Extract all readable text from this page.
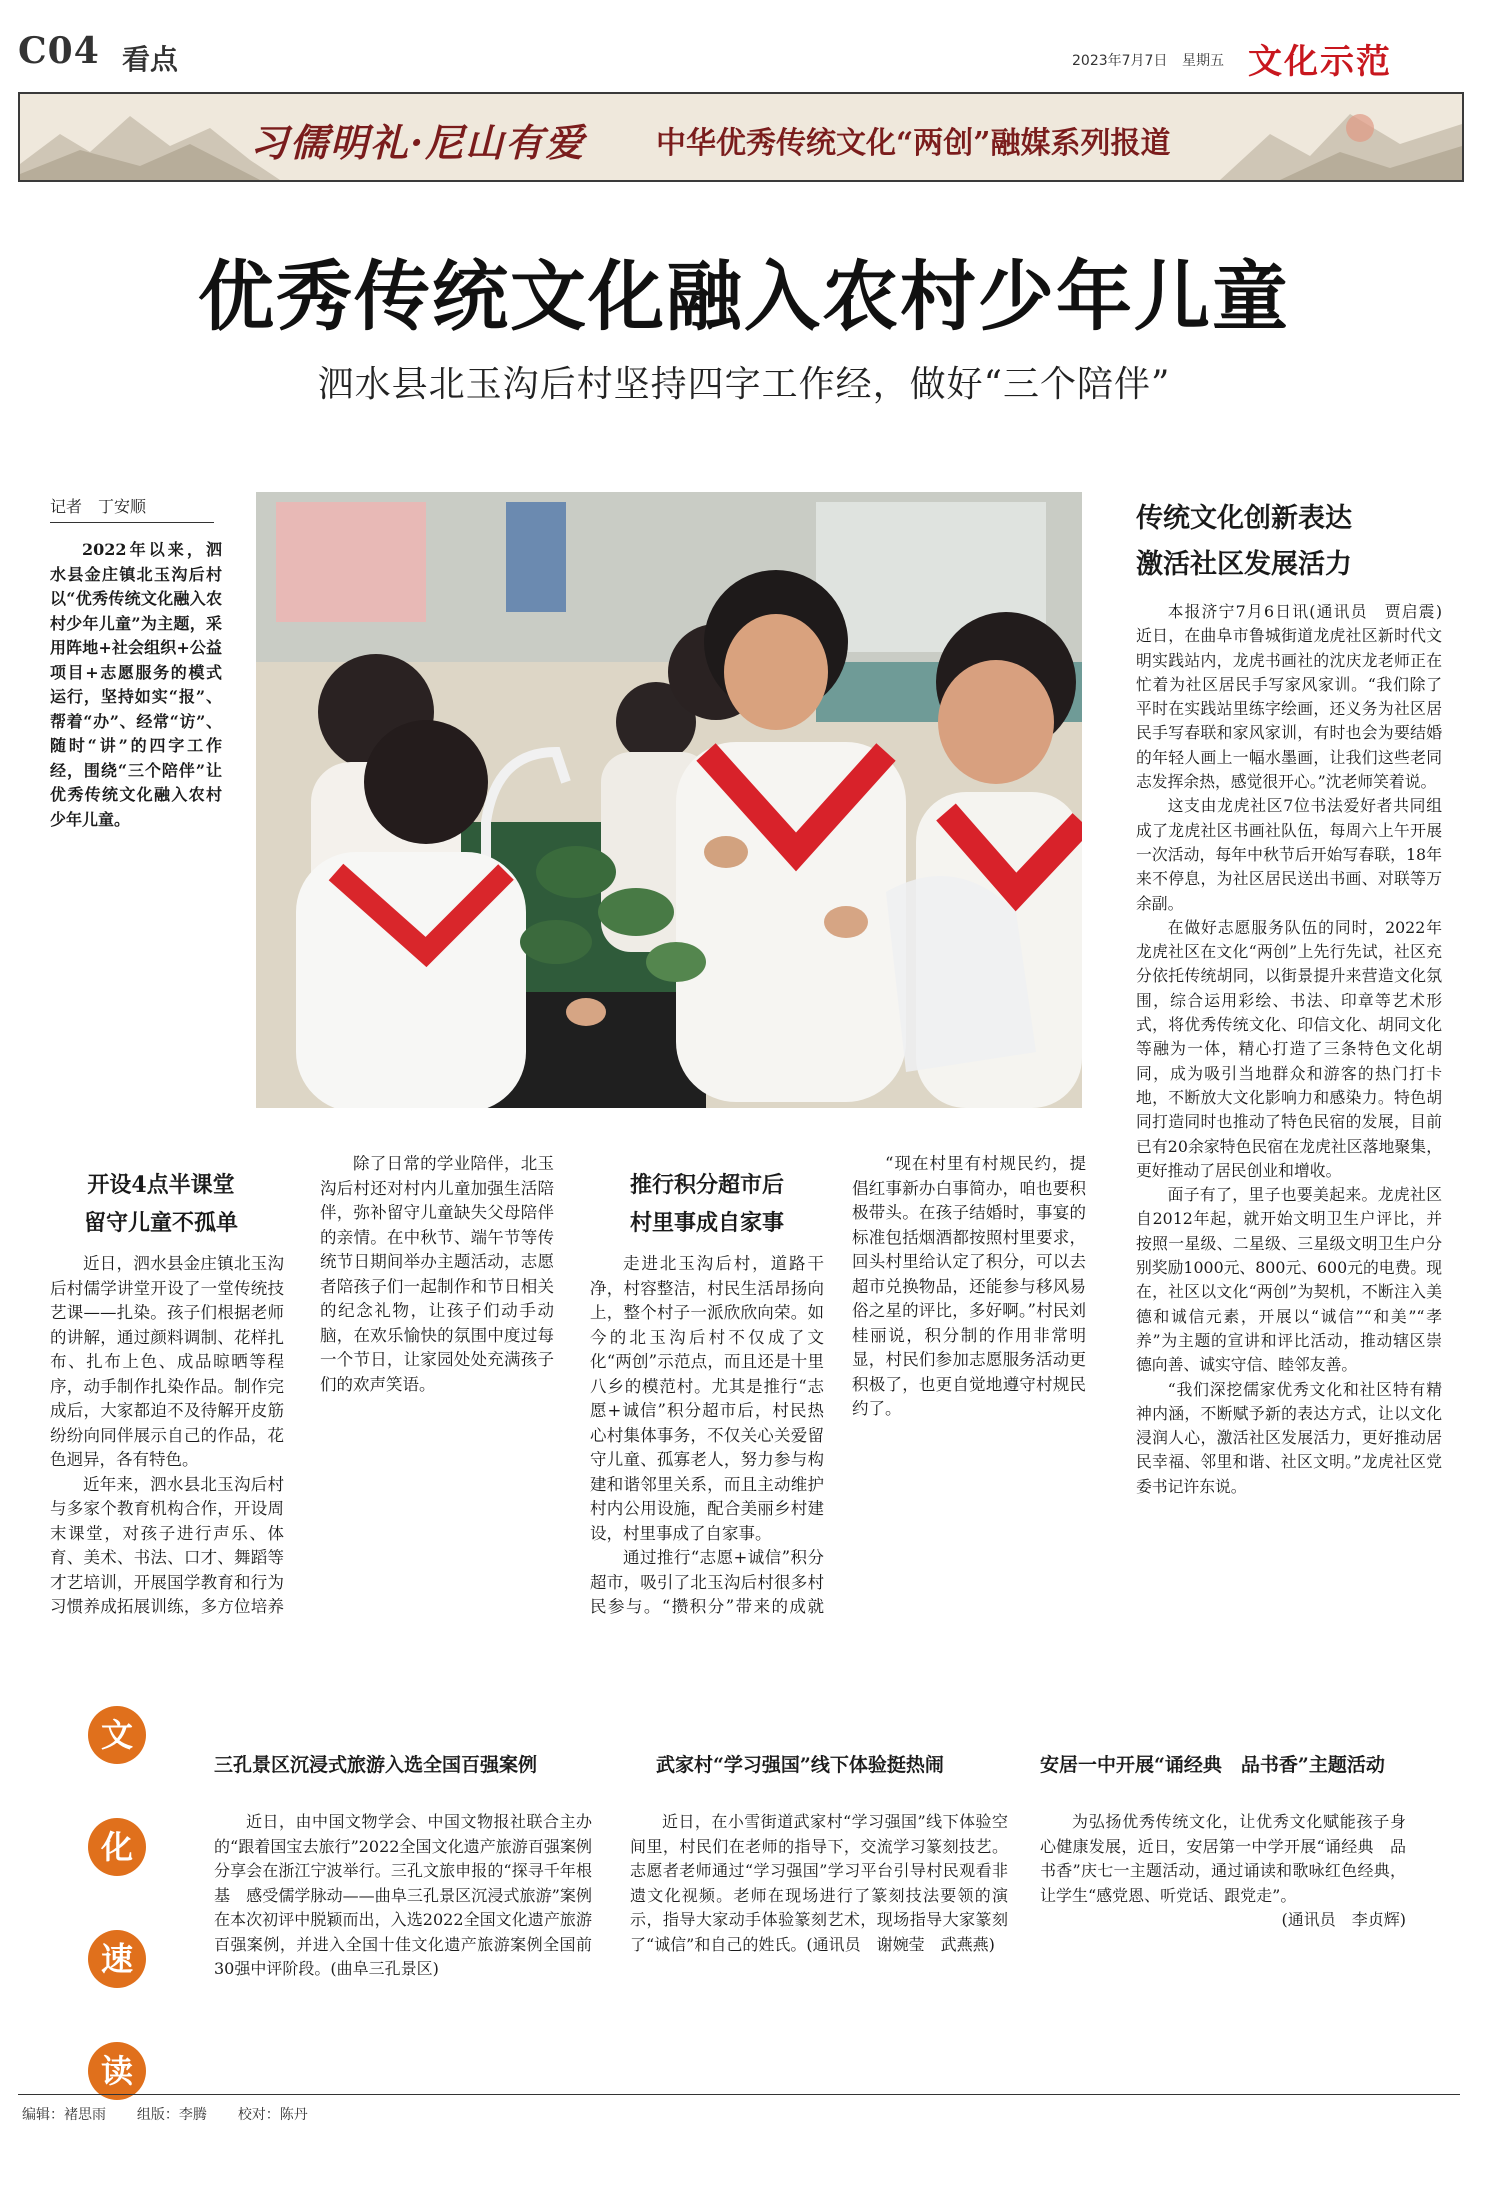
C04 看点	2023年7月7日 星期五 文化示范
习儒明礼·尼山有爱 中华优秀传统文化“两创”融媒系列报道
优秀传统文化融入农村少年儿童
泗水县北玉沟后村坚持四字工作经，做好“三个陪伴”
记者　丁安顺

2022年以来，泗水县金庄镇北玉沟后村以“优秀传统文化融入农村少年儿童”为主题，采用阵地+社会组织+公益项目+志愿服务的模式运行，坚持如实“报”、帮着“办”、经常“访”、随时“讲”的四字工作经，围绕“三个陪伴”让优秀传统文化融入农村少年儿童。

开设4点半课堂
留守儿童不孤单

近日，泗水县金庄镇北玉沟后村儒学讲堂开设了一堂传统技艺课——扎染。孩子们根据老师的讲解，通过颜料调制、花样扎布、扎布上色、成品晾晒等程序，动手制作扎染作品。制作完成后，大家都迫不及待解开皮筋纷纷向同伴展示自己的作品，花色迥异，各有特色。

近年来，泗水县北玉沟后村与多家个教育机构合作，开设周末课堂，对孩子进行声乐、体育、美术、书法、口才、舞蹈等才艺培训，开展国学教育和行为习惯养成拓展训练，多方位培养

除了日常的学业陪伴，北玉沟后村还对村内儿童加强生活陪伴，弥补留守儿童缺失父母陪伴的亲情。在中秋节、端午节等传统节日期间举办主题活动，志愿者陪孩子们一起制作和节日相关的纪念礼物，让孩子们动手动脑，在欢乐愉快的氛围中度过每一个节日，让家园处处充满孩子们的欢声笑语。

推行积分超市后
村里事成自家事

走进北玉沟后村，道路干净，村容整洁，村民生活昂扬向上，整个村子一派欣欣向荣。如今的北玉沟后村不仅成了文化“两创”示范点，而且还是十里八乡的模范村。尤其是推行“志愿+诚信”积分超市后，村民热心村集体事务，不仅关心关爱留守儿童、孤寡老人，努力参与构建和谐邻里关系，而且主动维护村内公用设施，配合美丽乡村建设，村里事成了自家事。

通过推行“志愿+诚信”积分超市，吸引了北玉沟后村很多村民参与。“攒积分”带来的成就

“现在村里有村规民约，提倡红事新办白事简办，咱也要积极带头。在孩子结婚时，事宴的标准包括烟酒都按照村里要求，回头村里给认定了积分，可以去超市兑换物品，还能参与移风易俗之星的评比，多好啊。”村民刘桂丽说，积分制的作用非常明显，村民们参加志愿服务活动更积极了，也更自觉地遵守村规民约了。

传统文化创新表达
激活社区发展活力

本报济宁7月6日讯(通讯员　贾启震)　近日，在曲阜市鲁城街道龙虎社区新时代文明实践站内，龙虎书画社的沈庆龙老师正在忙着为社区居民手写家风家训。“我们除了平时在实践站里练字绘画，还义务为社区居民手写春联和家风家训，有时也会为要结婚的年轻人画上一幅水墨画，让我们这些老同志发挥余热，感觉很开心。”沈老师笑着说。

这支由龙虎社区7位书法爱好者共同组成了龙虎社区书画社队伍，每周六上午开展一次活动，每年中秋节后开始写春联，18年来不停息，为社区居民送出书画、对联等万余副。

在做好志愿服务队伍的同时，2022年龙虎社区在文化“两创”上先行先试，社区充分依托传统胡同，以街景提升来营造文化氛围，综合运用彩绘、书法、印章等艺术形式，将优秀传统文化、印信文化、胡同文化等融为一体，精心打造了三条特色文化胡同，成为吸引当地群众和游客的热门打卡地，不断放大文化影响力和感染力。特色胡同打造同时也推动了特色民宿的发展，目前已有20余家特色民宿在龙虎社区落地聚集，更好推动了居民创业和增收。

面子有了，里子也要美起来。龙虎社区自2012年起，就开始文明卫生户评比，并按照一星级、二星级、三星级文明卫生户分别奖励1000元、800元、600元的电费。现在，社区以文化“两创”为契机，不断注入美德和诚信元素，开展以“诚信”“和美”“孝养”为主题的宣讲和评比活动，推动辖区崇德向善、诚实守信、睦邻友善。

“我们深挖儒家优秀文化和社区特有精神内涵，不断赋予新的表达方式，让以文化浸润人心，激活社区发展活力，更好推动居民幸福、邻里和谐、社区文明。”龙虎社区党委书记许东说。

文
化
速
读
三孔景区沉浸式旅游入选全国百强案例

近日，由中国文物学会、中国文物报社联合主办的“跟着国宝去旅行”2022全国文化遗产旅游百强案例分享会在浙江宁波举行。三孔文旅申报的“探寻千年根基　感受儒学脉动——曲阜三孔景区沉浸式旅游”案例在本次初评中脱颖而出，入选2022全国文化遗产旅游百强案例，并进入全国十佳文化遗产旅游案例全国前30强中评阶段。(曲阜三孔景区)

武家村“学习强国”线下体验挺热闹

近日，在小雪街道武家村“学习强国”线下体验空间里，村民们在老师的指导下，交流学习篆刻技艺。志愿者老师通过“学习强国”学习平台引导村民观看非遗文化视频。老师在现场进行了篆刻技法要领的演示，指导大家动手体验篆刻艺术，现场指导大家篆刻了“诚信”和自己的姓氏。(通讯员　谢婉莹　武燕燕)

安居一中开展“诵经典　品书香”主题活动

为弘扬优秀传统文化，让优秀文化赋能孩子身心健康发展，近日，安居第一中学开展“诵经典　品书香”庆七一主题活动，通过诵读和歌咏红色经典，让学生“感党恩、听党话、跟党走”。

(通讯员　李贞辉)

编辑：褚思雨 组版：李腾 校对：陈丹
